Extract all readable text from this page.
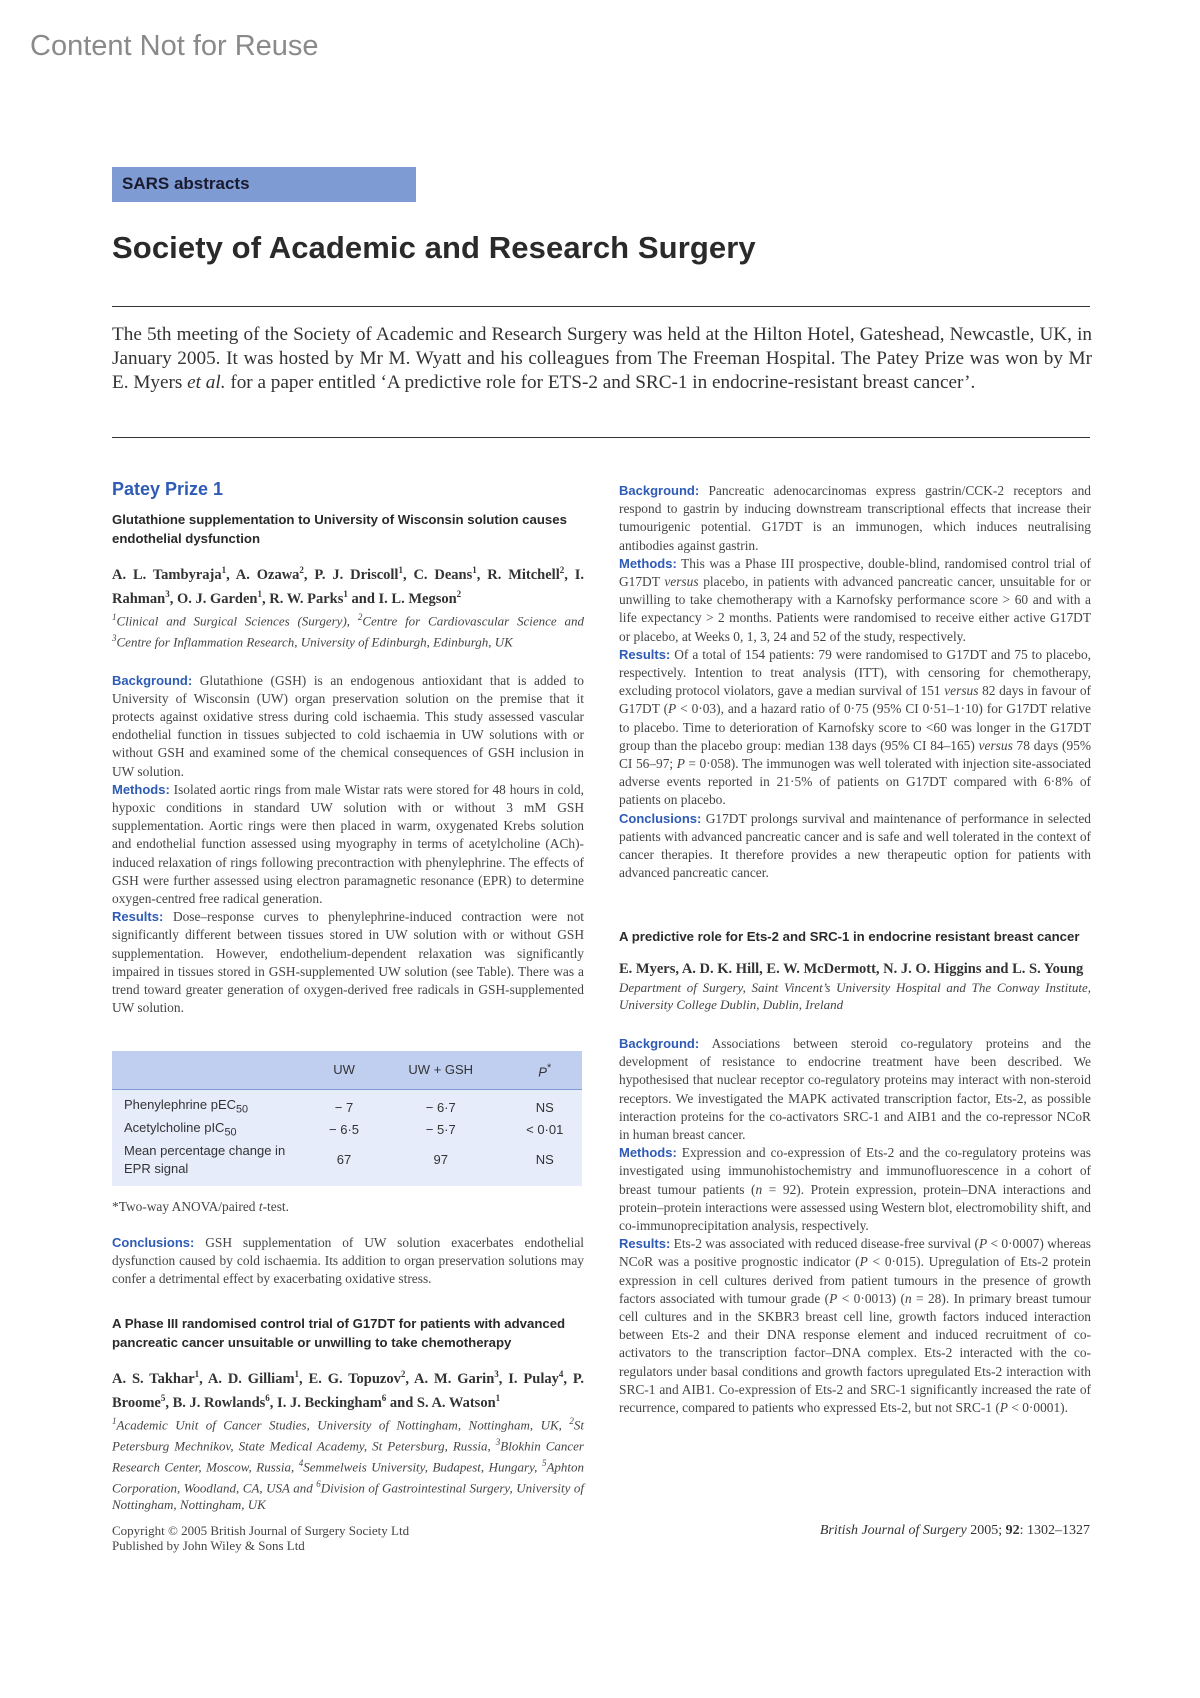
Content Not for Reuse
SARS abstracts
Society of Academic and Research Surgery

The 5th meeting of the Society of Academic and Research Surgery was held at the Hilton Hotel, Gateshead, Newcastle, UK, in January 2005. It was hosted by Mr M. Wyatt and his colleagues from The Freeman Hospital. The Patey Prize was won by Mr E. Myers et al. for a paper entitled ‘A predictive role for ETS-2 and SRC-1 in endocrine-resistant breast cancer’.

Patey Prize 1
Glutathione supplementation to University of Wisconsin solution causes endothelial dysfunction

A. L. Tambyraja$^1$, A. Ozawa$^2$, P. J. Driscoll$^1$, C. Deans$^1$, R. Mitchell$^2$, I. Rahman$^3$, O. J. Garden$^1$, R. W. Parks$^1$ and I. L. Megson$^2$

$^1$Clinical and Surgical Sciences (Surgery), $^2$Centre for Cardiovascular Science and $^3$Centre for Inflammation Research, University of Edinburgh, Edinburgh, UK

Background: Glutathione (GSH) is an endogenous antioxidant that is added to University of Wisconsin (UW) organ preservation solution on the premise that it protects against oxidative stress during cold ischaemia. This study assessed vascular endothelial function in tissues subjected to cold ischaemia in UW solutions with or without GSH and examined some of the chemical consequences of GSH inclusion in UW solution.

Methods: Isolated aortic rings from male Wistar rats were stored for 48 hours in cold, hypoxic conditions in standard UW solution with or without 3 mM GSH supplementation. Aortic rings were then placed in warm, oxygenated Krebs solution and endothelial function assessed using myography in terms of acetylcholine (ACh)-induced relaxation of rings following precontraction with phenylephrine. The effects of GSH were further assessed using electron paramagnetic resonance (EPR) to determine oxygen-centred free radical generation.

Results: Dose–response curves to phenylephrine-induced contraction were not significantly different between tissues stored in UW solution with or without GSH supplementation. However, endothelium-dependent relaxation was significantly impaired in tissues stored in GSH-supplemented UW solution (see Table). There was a trend toward greater generation of oxygen-derived free radicals in GSH-supplemented UW solution.

	UW	UW + GSH	P*
Phenylephrine pEC$_{50}$	− 7	− 6·7	NS
Acetylcholine pIC$_{50}$	− 6·5	− 5·7	< 0·01
Mean percentage change in EPR signal	67	97	NS

*Two-way ANOVA/paired t-test.

Conclusions: GSH supplementation of UW solution exacerbates endothelial dysfunction caused by cold ischaemia. Its addition to organ preservation solutions may confer a detrimental effect by exacerbating oxidative stress.

A Phase III randomised control trial of G17DT for patients with advanced pancreatic cancer unsuitable or unwilling to take chemotherapy

A. S. Takhar$^1$, A. D. Gilliam$^1$, E. G. Topuzov$^2$, A. M. Garin$^3$, I. Pulay$^4$, P. Broome$^5$, B. J. Rowlands$^6$, I. J. Beckingham$^6$ and S. A. Watson$^1$

$^1$Academic Unit of Cancer Studies, University of Nottingham, Nottingham, UK, $^2$St Petersburg Mechnikov, State Medical Academy, St Petersburg, Russia, $^3$Blokhin Cancer Research Center, Moscow, Russia, $^4$Semmelweis University, Budapest, Hungary, $^5$Aphton Corporation, Woodland, CA, USA and $^6$Division of Gastrointestinal Surgery, University of Nottingham, Nottingham, UK

Background: Pancreatic adenocarcinomas express gastrin/CCK-2 receptors and respond to gastrin by inducing downstream transcriptional effects that increase their tumourigenic potential. G17DT is an immunogen, which induces neutralising antibodies against gastrin.

Methods: This was a Phase III prospective, double-blind, randomised control trial of G17DT versus placebo, in patients with advanced pancreatic cancer, unsuitable for or unwilling to take chemotherapy with a Karnofsky performance score > 60 and with a life expectancy > 2 months. Patients were randomised to receive either active G17DT or placebo, at Weeks 0, 1, 3, 24 and 52 of the study, respectively.

Results: Of a total of 154 patients: 79 were randomised to G17DT and 75 to placebo, respectively. Intention to treat analysis (ITT), with censoring for chemotherapy, excluding protocol violators, gave a median survival of 151 versus 82 days in favour of G17DT (P < 0·03), and a hazard ratio of 0·75 (95% CI 0·51–1·10) for G17DT relative to placebo. Time to deterioration of Karnofsky score to <60 was longer in the G17DT group than the placebo group: median 138 days (95% CI 84–165) versus 78 days (95% CI 56–97; P = 0·058). The immunogen was well tolerated with injection site-associated adverse events reported in 21·5% of patients on G17DT compared with 6·8% of patients on placebo.

Conclusions: G17DT prolongs survival and maintenance of performance in selected patients with advanced pancreatic cancer and is safe and well tolerated in the context of cancer therapies. It therefore provides a new therapeutic option for patients with advanced pancreatic cancer.

A predictive role for Ets-2 and SRC-1 in endocrine resistant breast cancer

E. Myers, A. D. K. Hill, E. W. McDermott, N. J. O. Higgins and L. S. Young

Department of Surgery, Saint Vincent’s University Hospital and The Conway Institute, University College Dublin, Dublin, Ireland

Background: Associations between steroid co-regulatory proteins and the development of resistance to endocrine treatment have been described. We hypothesised that nuclear receptor co-regulatory proteins may interact with non-steroid receptors. We investigated the MAPK activated transcription factor, Ets-2, as possible interaction proteins for the co-activators SRC-1 and AIB1 and the co-repressor NCoR in human breast cancer.

Methods: Expression and co-expression of Ets-2 and the co-regulatory proteins was investigated using immunohistochemistry and immunofluorescence in a cohort of breast tumour patients (n = 92). Protein expression, protein–DNA interactions and protein–protein interactions were assessed using Western blot, electromobility shift, and co-immunoprecipitation analysis, respectively.

Results: Ets-2 was associated with reduced disease-free survival (P < 0·0007) whereas NCoR was a positive prognostic indicator (P < 0·015). Upregulation of Ets-2 protein expression in cell cultures derived from patient tumours in the presence of growth factors associated with tumour grade (P < 0·0013) (n = 28). In primary breast tumour cell cultures and in the SKBR3 breast cell line, growth factors induced interaction between Ets-2 and their DNA response element and induced recruitment of co-activators to the transcription factor–DNA complex. Ets-2 interacted with the co-regulators under basal conditions and growth factors upregulated Ets-2 interaction with SRC-1 and AIB1. Co-expression of Ets-2 and SRC-1 significantly increased the rate of recurrence, compared to patients who expressed Ets-2, but not SRC-1 (P < 0·0001).

Copyright © 2005 British Journal of Surgery Society Ltd
Published by John Wiley & Sons Ltd
British Journal of Surgery 2005; 92: 1302–1327
